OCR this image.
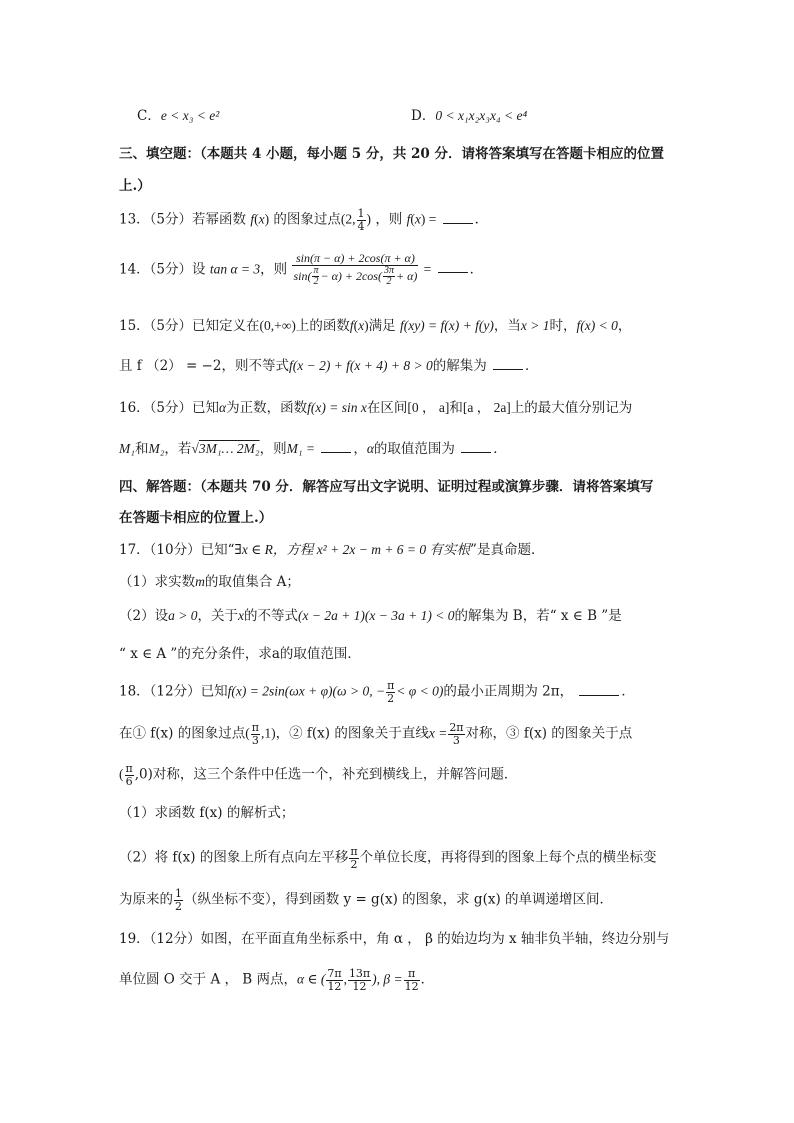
C．e < x₃ < e²	D．0 < x₁x₂x₃x₄ < e⁴
三、填空题：（本题共 4 小题，每小题 5 分，共 20 分．请将答案填写在答题卡相应的位置
上.）
13．（5分）若幂函数 f(x) 的图象过点(2, $\frac{1}{4}$ ) ，则 f(x) =	．
14．（5分）设 tan α = 3，则 $\frac{\sin(\pi - \alpha) + 2\cos(\pi + \alpha)}{\sin( \frac{\pi}{2} - \alpha) + 2\cos( \frac{3\pi}{2} + \alpha)}$ =	．
15．（5分）已知定义在(0,+∞)上的函数f(x)满足 f(xy) = f(x) + f(y)，当x > 1时，f(x) < 0，
且 f （2） = −2，则不等式f(x − 2) + f(x + 4) + 8 > 0的解集为	．
16．（5分）已知α为正数，函数f(x) = sin x在区间[0 ， a]和[a ， 2a]上的最大值分别记为
M₁和M₂，若√3M₁… 2M₂，则M₁ =	，α的取值范围为	．
四、解答题：（本题共 70 分．解答应写出文字说明、证明过程或演算步骤．请将答案填写
在答题卡相应的位置上.）
17．（10分）已知“∃x ∈ R，方程 x² + 2x − m + 6 = 0 有实根”是真命题．
（1）求实数m的取值集合 A；
（2）设a > 0，关于x的不等式(x − 2a + 1)(x − 3a + 1) < 0的解集为 B，若“ x ∈ B ”是
“ x ∈ A ”的充分条件，求a的取值范围．
18．（12分）已知f(x) = 2sin(ωx + φ)(ω > 0, − $\frac{\pi}{2} < \varphi < 0$)的最小正周期为 2π，	．
在① f(x) 的图象过点( $\frac{\pi}{3} ,1$)，② f(x) 的图象关于直线$x = \frac{2\pi}{3}$ 对称，③ f(x) 的图象关于点
( $\frac{\pi}{6} ,0$)对称，这三个条件中任选一个，补充到横线上，并解答问题．
（1）求函数 f(x) 的解析式；
（2）将 f(x) 的图象上所有点向左平移 $\frac{\pi}{2}$ 个单位长度，再将得到的图象上每个点的横坐标变
为原来的 $\frac{1}{2}$ （纵坐标不变），得到函数 y = g(x) 的图象，求 g(x) 的单调递增区间．
19．（12分）如图，在平面直角坐标系中，角 α ， β 的始边均为 x 轴非负半轴，终边分别与
单位圆 O 交于 A ， B 两点，α ∈ ( $\frac{7\pi}{12}$ , $\frac{13\pi}{12}$ ), $\beta = \frac{\pi}{12}$ ．
